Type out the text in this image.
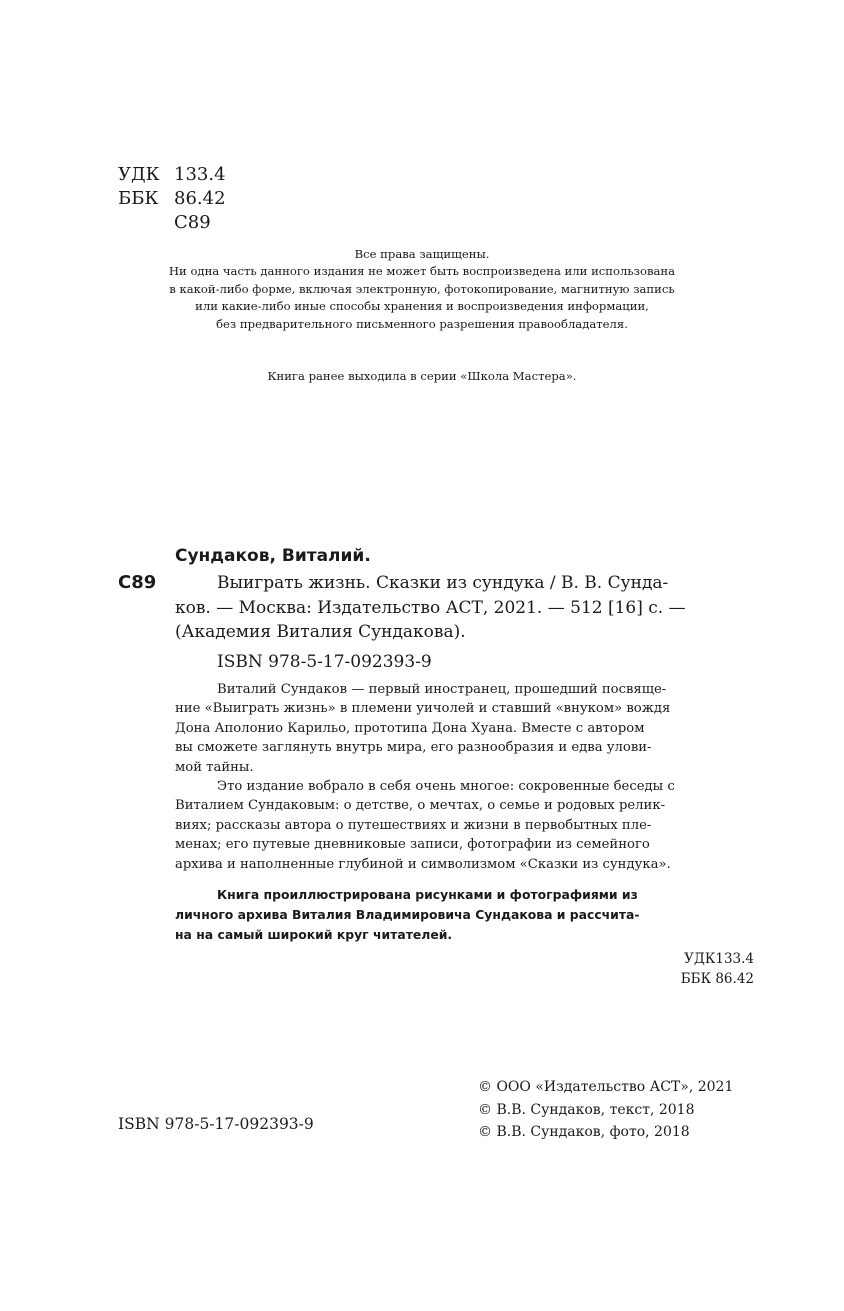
УДК 133.4
ББК 86.42
С89
Все права защищены.
Ни одна часть данного издания не может быть воспроизведена или использована
в какой-либо форме, включая электронную, фотокопирование, магнитную запись
или какие-либо иные способы хранения и воспроизведения информации,
без предварительного письменного разрешения правообладателя.
Книга ранее выходила в серии «Школа Мастера».
Сундаков, Виталий.
С89	Выиграть жизнь. Сказки из сундука / В. В. Сунда-
ков. — Москва: Издательство АСТ, 2021. — 512 [16] с. —
(Академия Виталия Сундакова).
ISBN 978-5-17-092393-9
Виталий Сундаков — первый иностранец, прошедший посвяще-
ние «Выиграть жизнь» в племени уичолей и ставший «внуком» вождя
Дона Аполонио Карильо, прототипа Дона Хуана. Вместе с автором
вы сможете заглянуть внутрь мира, его разнообразия и едва улови-
мой тайны.
Это издание вобрало в себя очень многое: сокровенные беседы с
Виталием Сундаковым: о детстве, о мечтах, о семье и родовых релик-
виях; рассказы автора о путешествиях и жизни в первобытных пле-
менах; его путевые дневниковые записи, фотографии из семейного
архива и наполненные глубиной и символизмом «Сказки из сундука».
Книга проиллюстрирована рисунками и фотографиями из
личного архива Виталия Владимировича Сундакова и рассчита-
на на самый широкий круг читателей.
УДК133.4
ББК 86.42
ISBN 978-5-17-092393-9
© ООО «Издательство АСТ», 2021
© В.В. Сундаков, текст, 2018
© В.В. Сундаков, фото, 2018
